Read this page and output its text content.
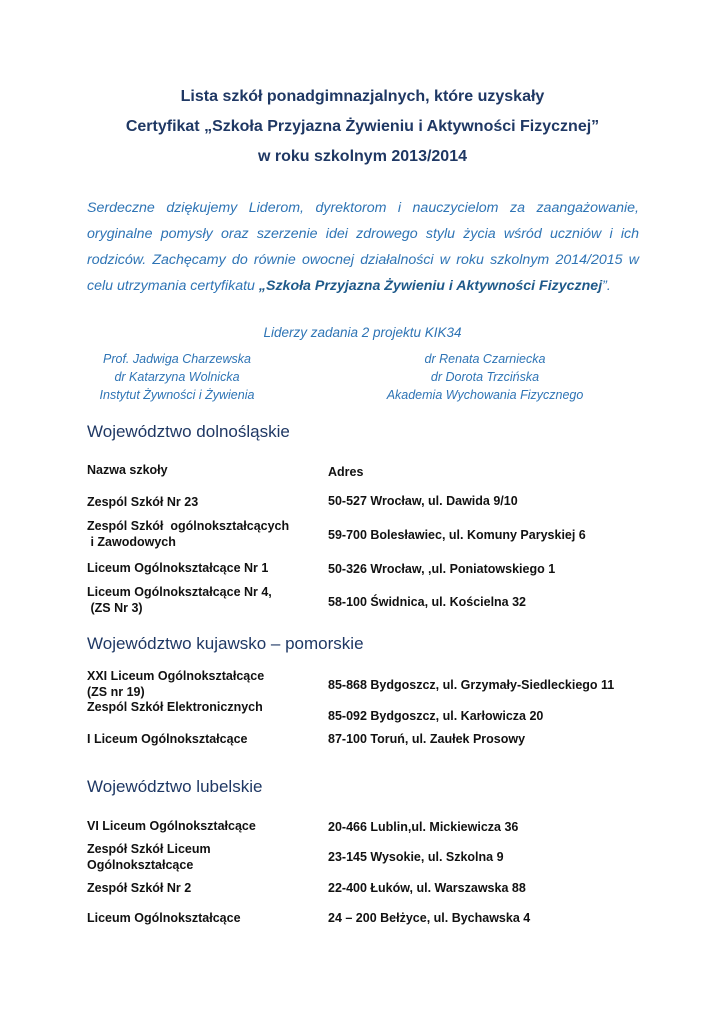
Lista szkół ponadgimnazjalnych, które uzyskały
Certyfikat „Szkoła Przyjazna Żywieniu i Aktywności Fizycznej”
w roku szkolnym 2013/2014
Serdeczne dziękujemy Liderom, dyrektorom i nauczycielom za zaangażowanie, oryginalne pomysły oraz szerzenie idei zdrowego stylu życia wśród uczniów i ich rodziców. Zachęcamy do równie owocnej działalności w roku szkolnym 2014/2015 w celu utrzymania certyfikatu „Szkoła Przyjazna Żywieniu i Aktywności Fizycznej”.
Liderzy zadania 2 projektu KIK34
Prof. Jadwiga Charzewska
dr Katarzyna Wolnicka
Instytut Żywności i Żywienia
dr Renata Czarniecka
dr Dorota Trzcińska
Akademia Wychowania Fizycznego
Województwo dolnośląskie
Nazwa szkoły	Adres
Zespól Szkół Nr 23	50-527 Wrocław, ul. Dawida 9/10
Zespól Szkół  ogólnokształcących
i Zawodowych	59-700 Bolesławiec, ul. Komuny Paryskiej 6
Liceum Ogólnokształcące Nr 1	50-326 Wrocław, ,ul. Poniatowskiego 1
Liceum Ogólnokształcące Nr 4,
(ZS Nr 3)	58-100 Świdnica, ul. Kościelna 32
Województwo kujawsko – pomorskie
XXI Liceum Ogólnokształcące
(ZS nr 19)	85-868 Bydgoszcz, ul. Grzymały-Siedleckiego 11
Zespól Szkół Elektronicznych
85-092 Bydgoszcz, ul. Karłowicza 20
I Liceum Ogólnokształcące	87-100 Toruń, ul. Zaułek Prosowy
Województwo lubelskie
VI Liceum Ogólnokształcące	20-466 Lublin,ul. Mickiewicza 36
Zespół Szkół Liceum
Ogólnokształcące
23-145 Wysokie, ul. Szkolna 9
Zespół Szkół Nr 2	22-400 Łuków, ul. Warszawska 88
Liceum Ogólnokształcące	24 – 200 Bełżyce, ul. Bychawska 4
